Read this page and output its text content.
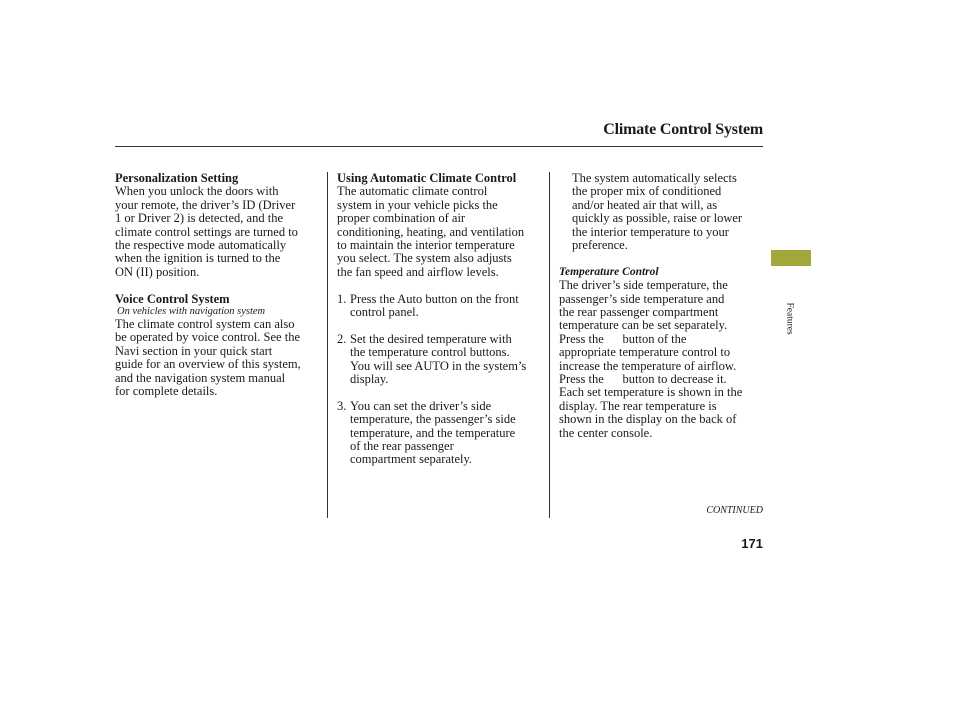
Climate Control System

Personalization Setting

When you unlock the doors with

your remote, the driver’s ID (Driver

1 or Driver 2) is detected, and the

climate control settings are turned to

the respective mode automatically

when the ignition is turned to the

ON (II) position.

Voice Control System

On vehicles with navigation system

The climate control system can also

be operated by voice control. See the

Navi section in your quick start

guide for an overview of this system,

and the navigation system manual

for complete details.

Using Automatic Climate Control

The automatic climate control

system in your vehicle picks the

proper combination of air

conditioning, heating, and ventilation

to maintain the interior temperature

you select. The system also adjusts

the fan speed and airflow levels.

1. Press the Auto button on the front

control panel.

2. Set the desired temperature with

the temperature control buttons.

You will see AUTO in the system’s

display.

3. You can set the driver’s side

temperature, the passenger’s side

temperature, and the temperature

of the rear passenger

compartment separately.

The system automatically selects

the proper mix of conditioned

and/or heated air that will, as

quickly as possible, raise or lower

the interior temperature to your

preference.

Temperature Control

The driver’s side temperature, the

passenger’s side temperature and

the rear passenger compartment

temperature can be set separately.

Press the      button of the

appropriate temperature control to

increase the temperature of airflow.

Press the      button to decrease it.

Each set temperature is shown in the

display. The rear temperature is

shown in the display on the back of

the center console.

Features
CONTINUED
171
